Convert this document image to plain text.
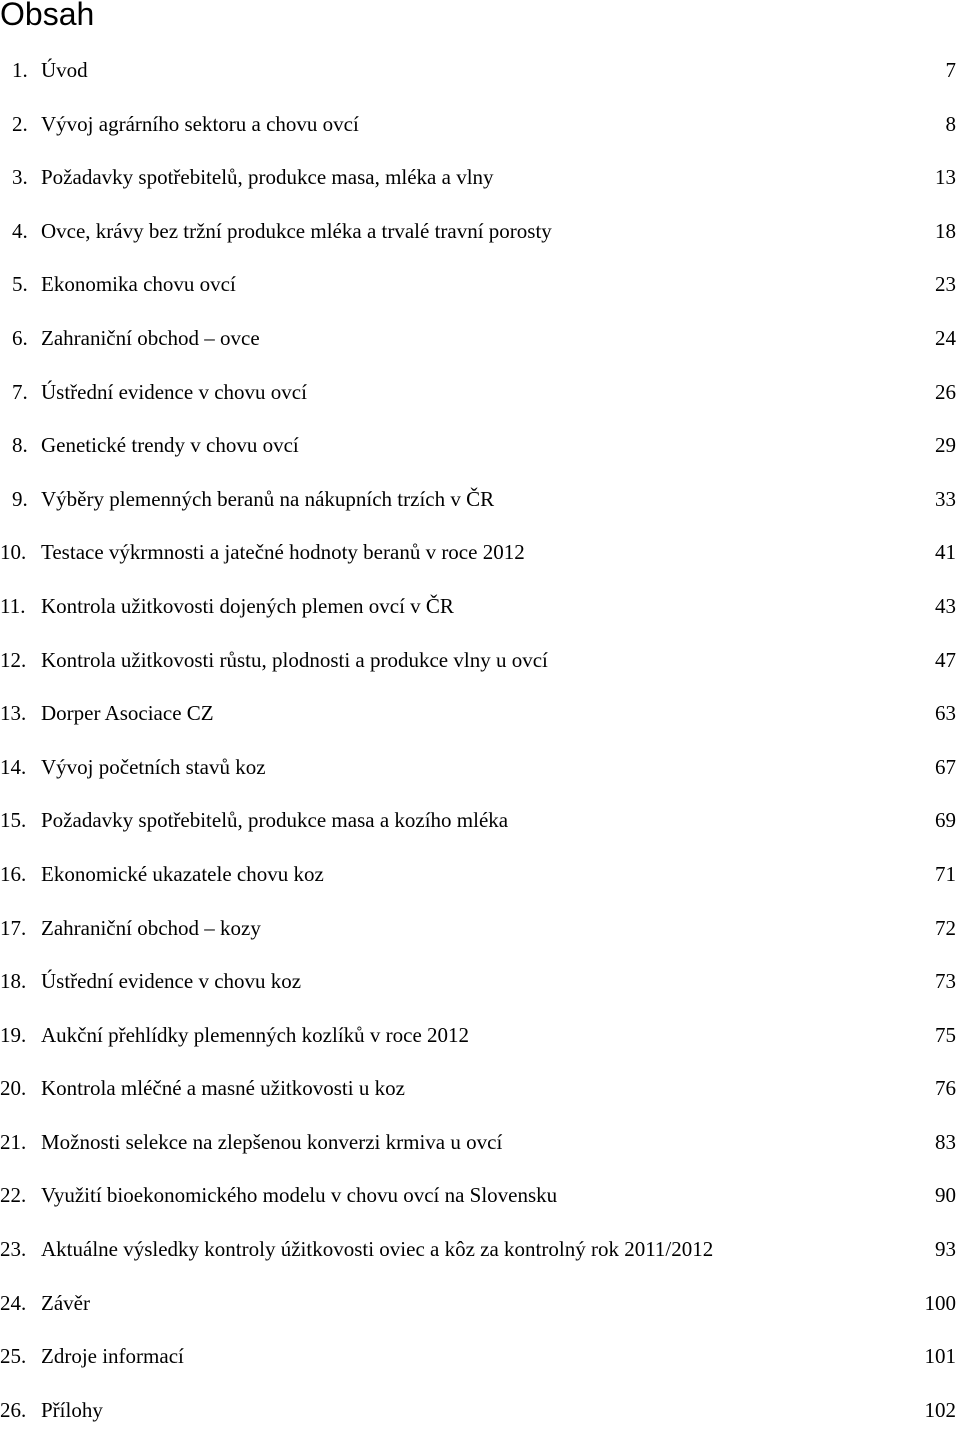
Obsah
1. Úvod	7
2. Vývoj agrárního sektoru a chovu ovcí	8
3. Požadavky spotřebitelů, produkce masa, mléka a vlny	13
4. Ovce, krávy bez tržní produkce mléka a trvalé travní porosty	18
5. Ekonomika chovu ovcí	23
6. Zahraniční obchod – ovce	24
7. Ústřední evidence v chovu ovcí	26
8. Genetické trendy v chovu ovcí	29
9. Výběry plemenných beranů na nákupních trzích v ČR	33
10. Testace výkrmnosti a jatečné hodnoty beranů v roce 2012	41
11. Kontrola užitkovosti dojených plemen ovcí v ČR	43
12. Kontrola užitkovosti růstu, plodnosti a produkce vlny u ovcí	47
13. Dorper Asociace CZ	63
14. Vývoj početních stavů koz	67
15. Požadavky spotřebitelů, produkce masa a kozího mléka	69
16. Ekonomické ukazatele chovu koz	71
17. Zahraniční obchod – kozy	72
18. Ústřední evidence v chovu koz	73
19. Aukční přehlídky plemenných kozlíků v roce 2012	75
20. Kontrola mléčné a masné užitkovosti u koz	76
21. Možnosti selekce na zlepšenou konverzi krmiva u ovcí	83
22. Využití bioekonomického modelu v chovu ovcí na Slovensku	90
23. Aktuálne výsledky kontroly úžitkovosti oviec a kôz za kontrolný rok 2011/2012	93
24. Závěr	100
25. Zdroje informací	101
26. Přílohy	102
